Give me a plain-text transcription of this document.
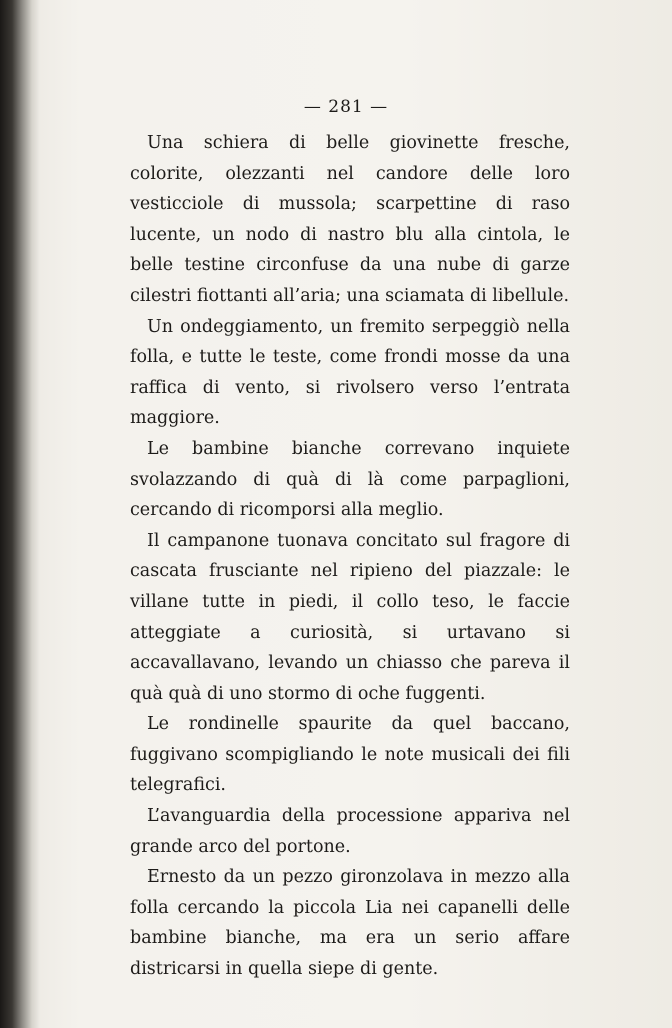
— 281 —

Una schiera di belle giovinette fresche, colorite, olezzanti nel candore delle loro vesticciole di mussola; scarpettine di raso lucente, un nodo di nastro blu alla cintola, le belle testine circonfuse da una nube di garze cilestri fiottanti all’aria; una sciamata di libellule.

Un ondeggiamento, un fremito serpeggiò nella folla, e tutte le teste, come frondi mosse da una raffica di vento, si rivolsero verso l’entrata maggiore.

Le bambine bianche correvano inquiete svolazzando di quà di là come parpaglioni, cercando di ricomporsi alla meglio.

Il campanone tuonava concitato sul fragore di cascata frusciante nel ripieno del piazzale: le villane tutte in piedi, il collo teso, le faccie atteggiate a curiosità, si urtavano si accavallavano, levando un chiasso che pareva il quà quà di uno stormo di oche fuggenti.

Le rondinelle spaurite da quel baccano, fuggivano scompigliando le note musicali dei fili telegrafici.

L’avanguardia della processione appariva nel grande arco del portone.

Ernesto da un pezzo gironzolava in mezzo alla folla cercando la piccola Lia nei capanelli delle bambine bianche, ma era un serio affare districarsi in quella siepe di gente.
